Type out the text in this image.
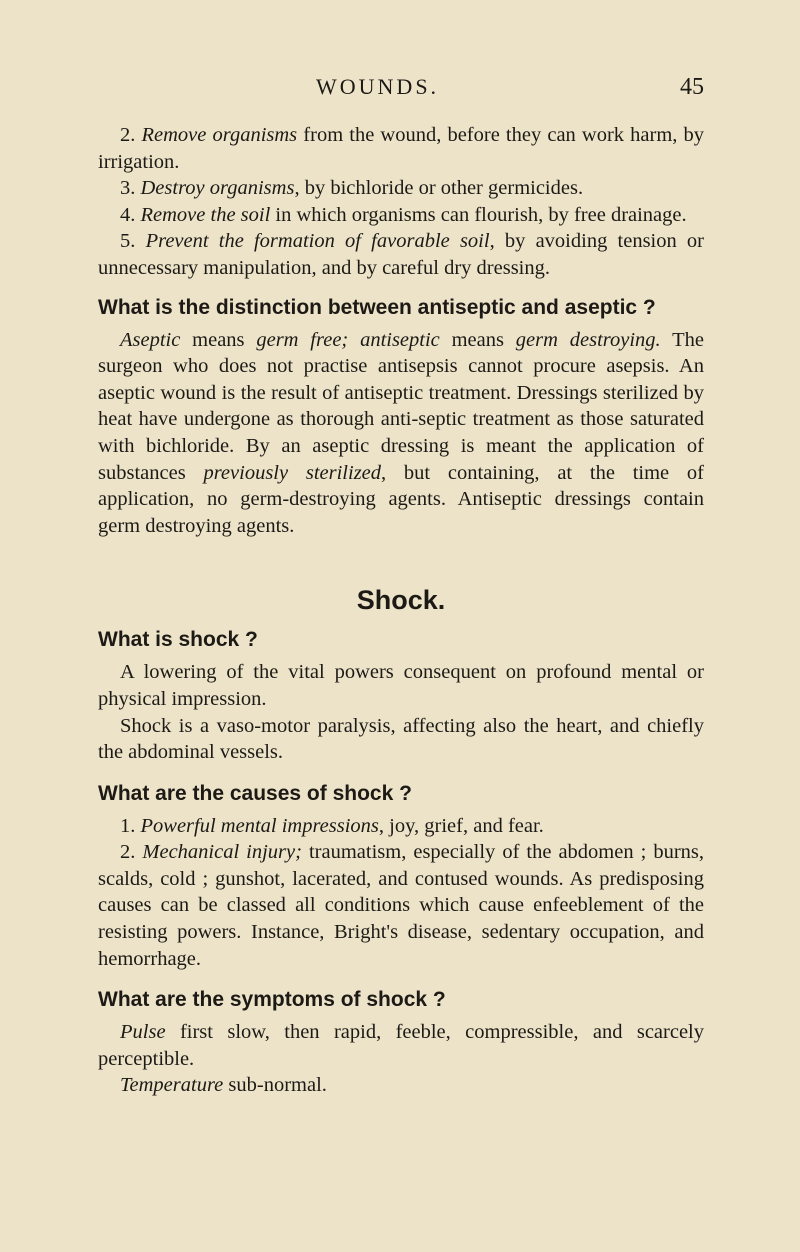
WOUNDS.	45

2. Remove organisms from the wound, before they can work harm, by irrigation.

3. Destroy organisms, by bichloride or other germicides.

4. Remove the soil in which organisms can flourish, by free drainage.

5. Prevent the formation of favorable soil, by avoiding tension or unnecessary manipulation, and by careful dry dressing.

What is the distinction between antiseptic and aseptic ?

Aseptic means germ free; antiseptic means germ destroying. The surgeon who does not practise antisepsis cannot procure asepsis. An aseptic wound is the result of antiseptic treatment. Dressings sterilized by heat have undergone as thorough anti-septic treatment as those saturated with bichloride. By an aseptic dressing is meant the application of substances previously sterilized, but containing, at the time of application, no germ-destroying agents. Antiseptic dressings contain germ destroying agents.

Shock.
What is shock ?

A lowering of the vital powers consequent on profound mental or physical impression.

Shock is a vaso-motor paralysis, affecting also the heart, and chiefly the abdominal vessels.

What are the causes of shock ?

1. Powerful mental impressions, joy, grief, and fear.

2. Mechanical injury; traumatism, especially of the abdomen ; burns, scalds, cold ; gunshot, lacerated, and contused wounds. As predisposing causes can be classed all conditions which cause enfeeblement of the resisting powers. Instance, Bright's disease, sedentary occupation, and hemorrhage.

What are the symptoms of shock ?

Pulse first slow, then rapid, feeble, compressible, and scarcely perceptible.

Temperature sub-normal.
